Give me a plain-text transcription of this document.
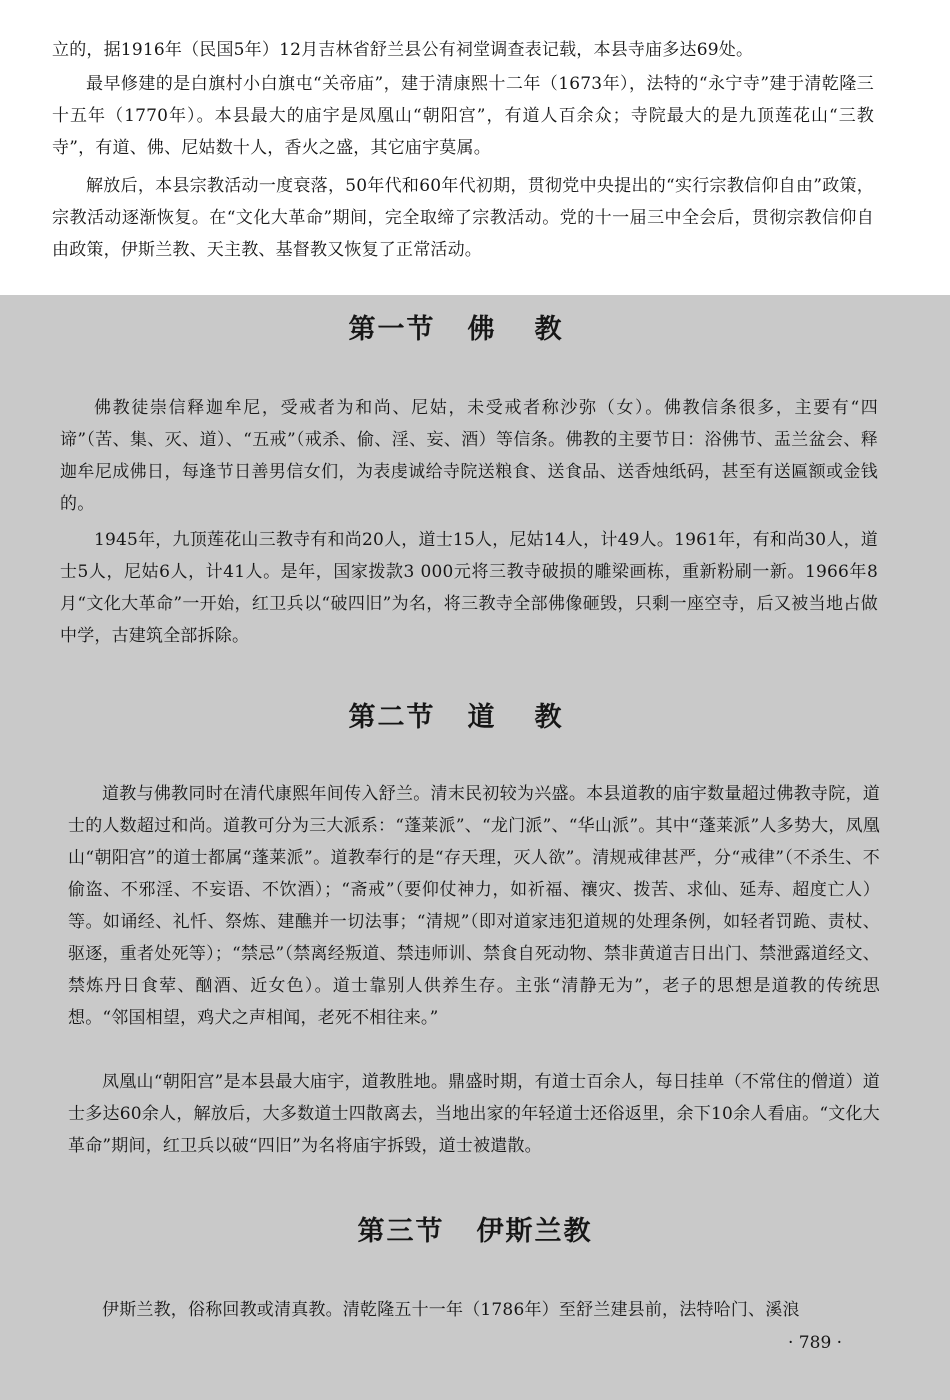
立的，据1916年（民国5年）12月吉林省舒兰县公有祠堂调查表记载，本县寺庙多达69处。

最早修建的是白旗村小白旗屯“关帝庙”，建于清康熙十二年（1673年），法特的“永宁寺”建于清乾隆三十五年（1770年）。本县最大的庙宇是凤凰山“朝阳宫”，有道人百余众；寺院最大的是九顶莲花山“三教寺”，有道、佛、尼姑数十人，香火之盛，其它庙宇莫属。

解放后，本县宗教活动一度衰落，50年代和60年代初期，贯彻党中央提出的“实行宗教信仰自由”政策，宗教活动逐渐恢复。在“文化大革命”期间，完全取缔了宗教活动。党的十一届三中全会后，贯彻宗教信仰自由政策，伊斯兰教、天主教、基督教又恢复了正常活动。

第一节 佛教

佛教徒崇信释迦牟尼，受戒者为和尚、尼姑，未受戒者称沙弥（女）。佛教信条很多，主要有“四谛”（苦、集、灭、道）、“五戒”（戒杀、偷、淫、妄、酒）等信条。佛教的主要节日：浴佛节、盂兰盆会、释迦牟尼成佛日，每逢节日善男信女们，为表虔诚给寺院送粮食、送食品、送香烛纸码，甚至有送匾额或金钱的。

1945年，九顶莲花山三教寺有和尚20人，道士15人，尼姑14人，计49人。1961年，有和尚30人，道士5人，尼姑6人，计41人。是年，国家拨款3 000元将三教寺破损的雕梁画栋，重新粉刷一新。1966年8月“文化大革命”一开始，红卫兵以“破四旧”为名，将三教寺全部佛像砸毁，只剩一座空寺，后又被当地占做中学，古建筑全部拆除。

第二节 道教

道教与佛教同时在清代康熙年间传入舒兰。清末民初较为兴盛。本县道教的庙宇数量超过佛教寺院，道士的人数超过和尚。道教可分为三大派系：“蓬莱派”、“龙门派”、“华山派”。其中“蓬莱派”人多势大，凤凰山“朝阳宫”的道士都属“蓬莱派”。道教奉行的是“存天理，灭人欲”。清规戒律甚严，分“戒律”（不杀生、不偷盗、不邪淫、不妄语、不饮酒）；“斋戒”（要仰仗神力，如祈福、禳灾、拨苦、求仙、延寿、超度亡人）等。如诵经、礼忏、祭炼、建醮并一切法事；“清规”（即对道家违犯道规的处理条例，如轻者罚跪、责杖、驱逐，重者处死等）；“禁忌”（禁离经叛道、禁违师训、禁食自死动物、禁非黄道吉日出门、禁泄露道经文、禁炼丹日食荤、酗酒、近女色）。道士靠别人供养生存。主张“清静无为”，老子的思想是道教的传统思想。“邻国相望，鸡犬之声相闻，老死不相往来。”

凤凰山“朝阳宫”是本县最大庙宇，道教胜地。鼎盛时期，有道士百余人，每日挂单（不常住的僧道）道士多达60余人，解放后，大多数道士四散离去，当地出家的年轻道士还俗返里，余下10余人看庙。“文化大革命”期间，红卫兵以破“四旧”为名将庙宇拆毁，道士被遣散。

第三节 伊斯兰教

伊斯兰教，俗称回教或清真教。清乾隆五十一年（1786年）至舒兰建县前，法特哈门、溪浪

· 789 ·
